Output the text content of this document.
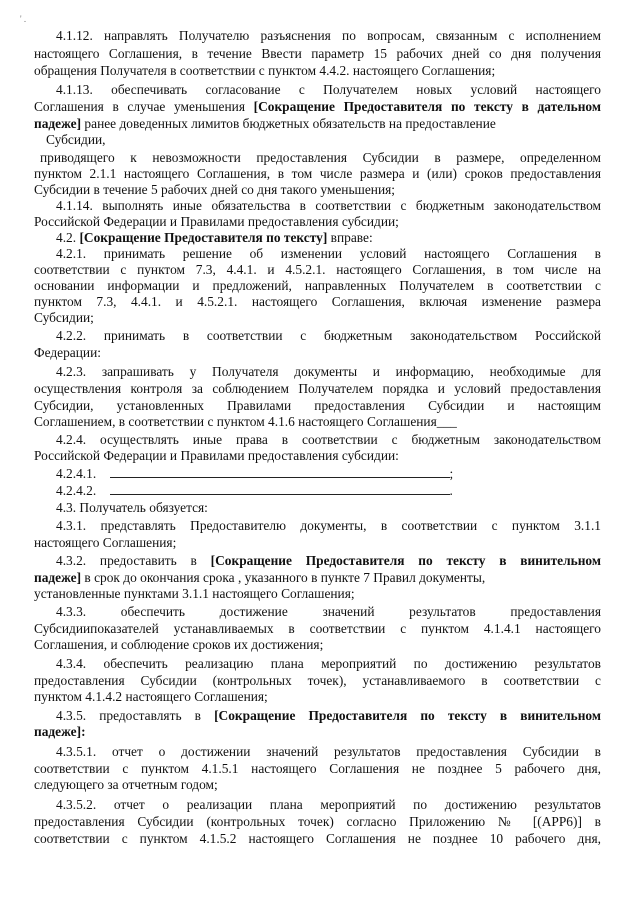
' .
4.1.12. направлять Получателю разъяснения по вопросам, связанным с исполнением
настоящего Соглашения, в течение Ввести параметр 15 рабочих дней со дня получения
обращения Получателя в соответствии с пунктом 4.4.2. настоящего Соглашения;
4.1.13. обеспечивать согласование с Получателем новых условий настоящего
Соглашения в случае уменьшения [Сокращение Предоставителя по тексту в дательном
падеже] ранее доведенных лимитов бюджетных обязательств на предоставление
Субсидии,
приводящего к невозможности предоставления Субсидии в размере, определенном
пунктом 2.1.1 настоящего Соглашения, в том числе размера и (или) сроков предоставления
Субсидии в течение 5 рабочих дней со дня такого уменьшения;
4.1.14. выполнять иные обязательства в соответствии с бюджетным законодательством
Российской Федерации и Правилами предоставления субсидии;
4.2. [Сокращение Предоставителя по тексту] вправе:
4.2.1. принимать решение об изменении условий настоящего Соглашения в
соответствии с пунктом 7.3, 4.4.1. и 4.5.2.1. настоящего Соглашения, в том числе на
основании информации и предложений, направленных Получателем в соответствии с
пунктом 7.3, 4.4.1. и 4.5.2.1. настоящего Соглашения, включая изменение размера
Субсидии;
4.2.2. принимать в соответствии с бюджетным законодательством Российской
Федерации:
4.2.3. запрашивать у Получателя документы и информацию, необходимые для
осуществления контроля за соблюдением Получателем порядка и условий предоставления
Субсидии, установленных Правилами предоставления Субсидии и настоящим
Соглашением, в соответствии с пунктом 4.1.6 настоящего Соглашения___
4.2.4. осуществлять иные права в соответствии с бюджетным законодательством
Российской Федерации и Правилами предоставления субсидии:
4.2.4.1.	;
4.2.4.2.	.
4.3. Получатель обязуется:
4.3.1. представлять Предоставителю документы, в соответствии с пунктом 3.1.1
настоящего Соглашения;
4.3.2. предоставить в [Сокращение Предоставителя по тексту в винительном
падеже] в срок до окончания срока , указанного в пункте 7 Правил документы,
установленные пунктами 3.1.1 настоящего Соглашения;
4.3.3. обеспечить достижение значений результатов предоставления
Субсидиипоказателей устанавливаемых в соответствии с пунктом 4.1.4.1 настоящего
Соглашения, и соблюдение сроков их достижения;
4.3.4. обеспечить реализацию плана мероприятий по достижению результатов
предоставления Субсидии (контрольных точек), устанавливаемого в соответствии с
пунктом 4.1.4.2 настоящего Соглашения;
4.3.5. предоставлять в [Сокращение Предоставителя по тексту в винительном
падеже]:
4.3.5.1. отчет о достижении значений результатов предоставления Субсидии в
соответствии с пунктом 4.1.5.1 настоящего Соглашения не позднее 5 рабочего дня,
следующего за отчетным годом;
4.3.5.2. отчет о реализации плана мероприятий по достижению результатов
предоставления Субсидии (контрольных точек) согласно Приложению № [(APP6)] в
соответствии с пунктом 4.1.5.2 настоящего Соглашения не позднее 10 рабочего дня,
